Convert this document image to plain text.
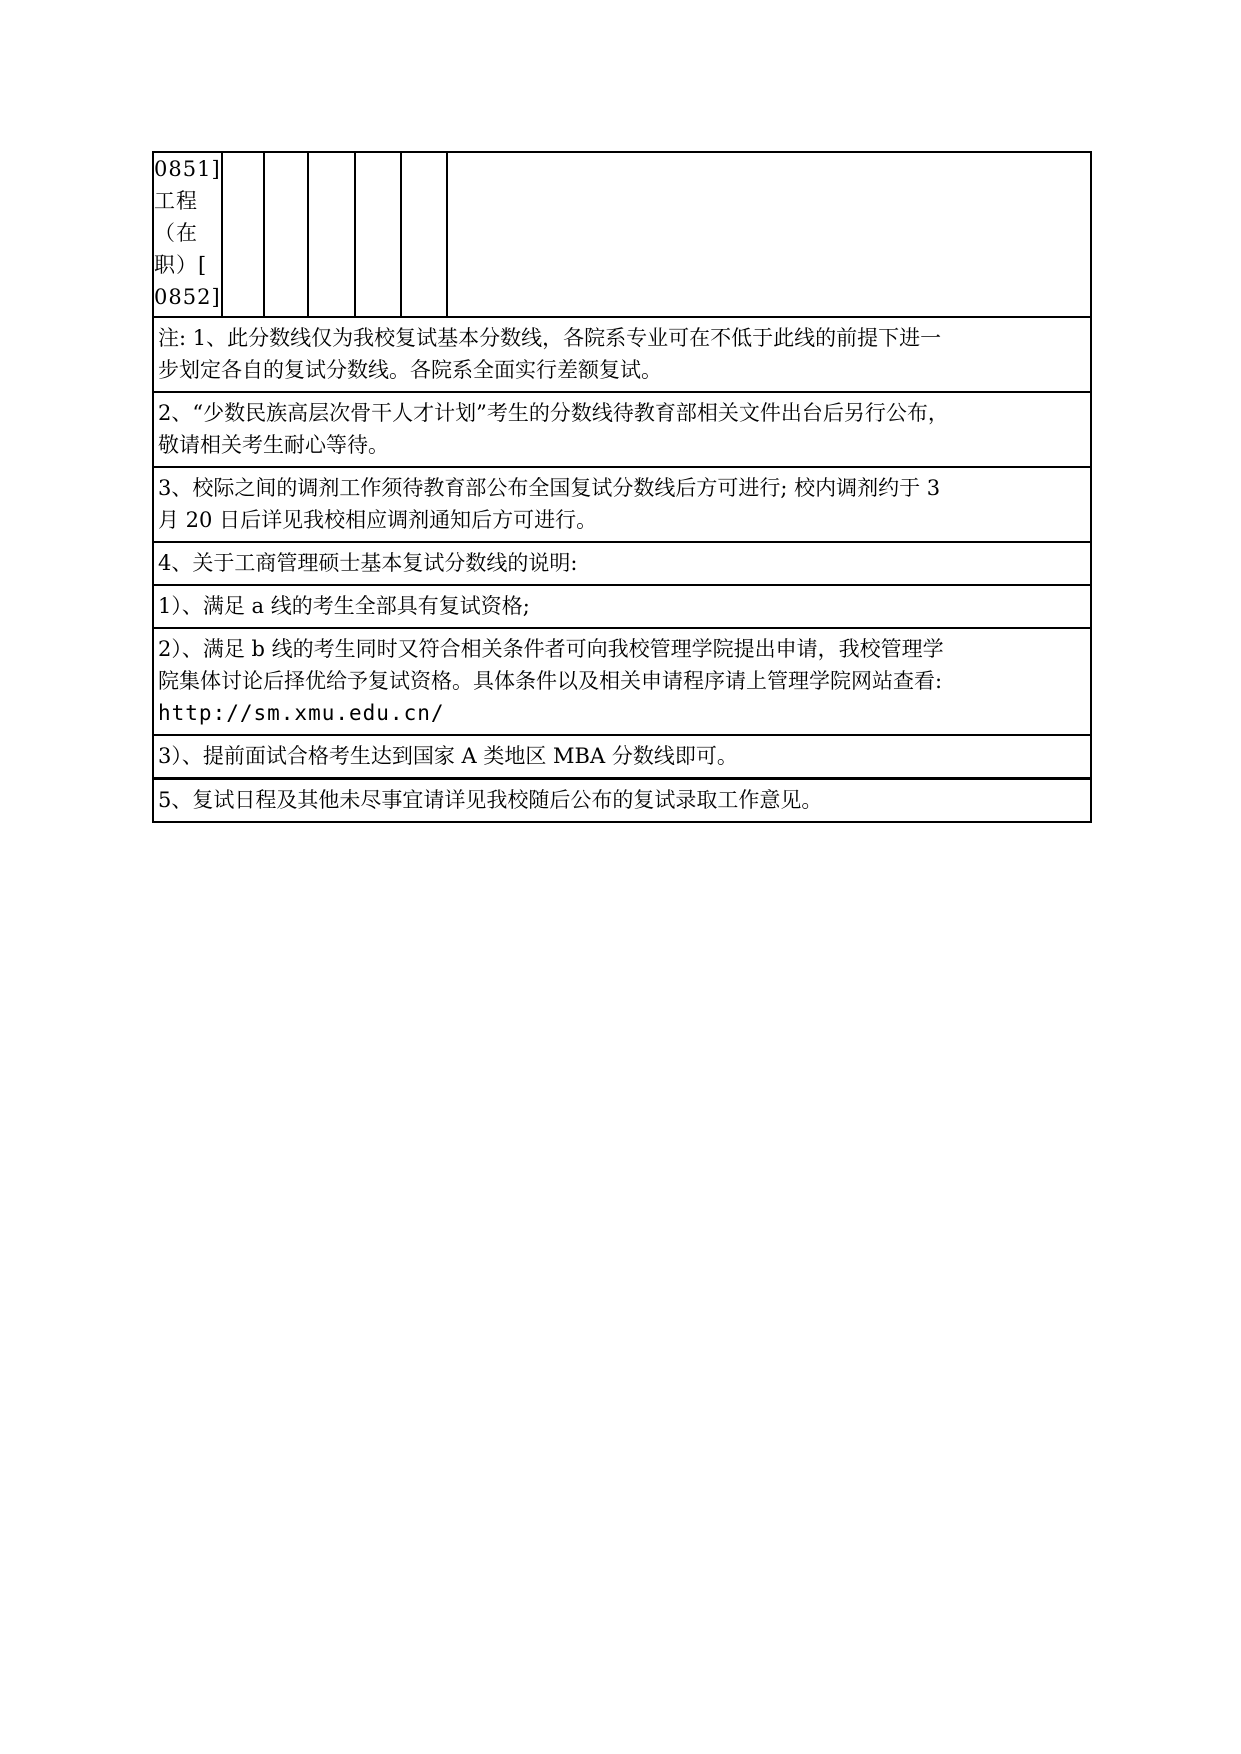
0851]
工程
（在
职）[
0852]

注: 1、此分数线仅为我校复试基本分数线，各院系专业可在不低于此线的前提下进一
步划定各自的复试分数线。各院系全面实行差额复试。

2、“少数民族高层次骨干人才计划”考生的分数线待教育部相关文件出台后另行公布，
敬请相关考生耐心等待。

3、校际之间的调剂工作须待教育部公布全国复试分数线后方可进行; 校内调剂约于 3
月 20 日后详见我校相应调剂通知后方可进行。

4、关于工商管理硕士基本复试分数线的说明:

1）、满足 a 线的考生全部具有复试资格;

2）、满足 b 线的考生同时又符合相关条件者可向我校管理学院提出申请，我校管理学
院集体讨论后择优给予复试资格。具体条件以及相关申请程序请上管理学院网站查看:
http://sm.xmu.edu.cn/

3）、提前面试合格考生达到国家 A 类地区 MBA 分数线即可。

5、复试日程及其他未尽事宜请详见我校随后公布的复试录取工作意见。
